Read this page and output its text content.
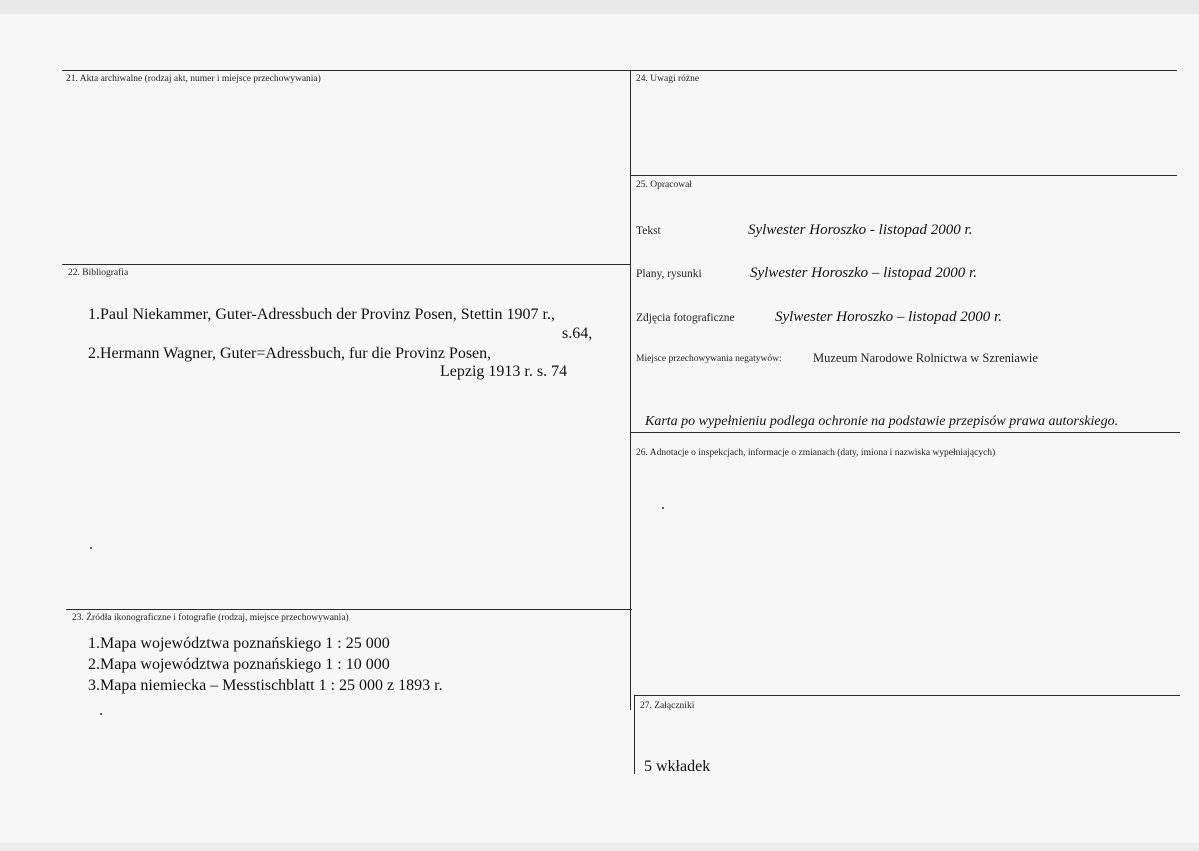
21. Akta archiwalne (rodzaj akt, numer i miejsce przechowywania)
22. Bibliografia
1.Paul Niekammer, Guter-Adressbuch der Provinz Posen, Stettin 1907 r.,
s.64,
2.Hermann Wagner, Guter=Adressbuch, fur die Provinz Posen,
Lepzig 1913 r. s. 74
23. Źródła ikonograficzne i fotografie (rodzaj, miejsce przechowywania)
1.Mapa województwa poznańskiego 1 : 25 000
2.Mapa województwa poznańskiego 1 : 10 000
3.Mapa niemiecka – Messtischblatt 1 : 25 000 z 1893 r.
24. Uwagi różne
25. Opracował
Tekst	Sylwester Horoszko - listopad 2000 r.
Plany, rysunki	Sylwester Horoszko – listopad 2000 r.
Zdjęcia fotograficzne	Sylwester Horoszko – listopad 2000 r.
Miejsce przechowywania negatywów:	Muzeum Narodowe Rolnictwa w Szreniawie
Karta po wypełnieniu podlega ochronie na podstawie przepisów prawa autorskiego.
26. Adnotacje o inspekcjach, informacje o zmianach (daty, imiona i nazwiska wypełniających)
27. Załączniki
5 wkładek
